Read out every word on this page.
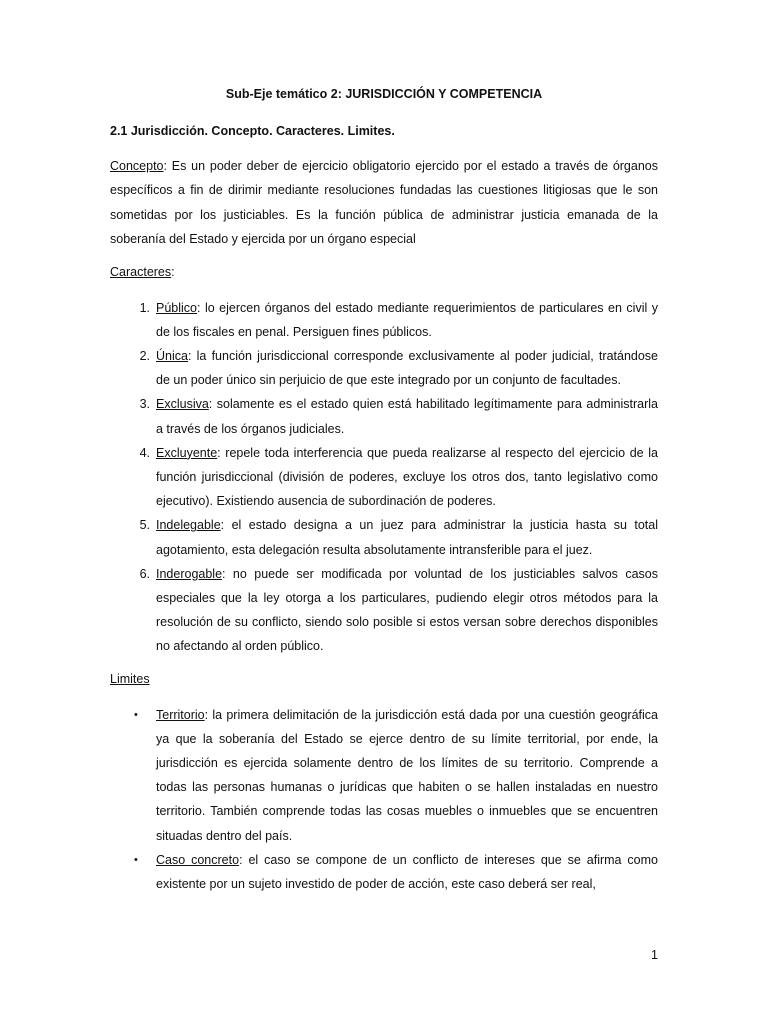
Sub-Eje temático 2: JURISDICCIÓN Y COMPETENCIA
2.1 Jurisdicción. Concepto. Caracteres. Limites.

Concepto: Es un poder deber de ejercicio obligatorio ejercido por el estado a través de órganos específicos a fin de dirimir mediante resoluciones fundadas las cuestiones litigiosas que le son sometidas por los justiciables. Es la función pública de administrar justicia emanada de la soberanía del Estado y ejercida por un órgano especial

Caracteres:
1. Público: lo ejercen órganos del estado mediante requerimientos de particulares en civil y de los fiscales en penal. Persiguen fines públicos.
2. Única: la función jurisdiccional corresponde exclusivamente al poder judicial, tratándose de un poder único sin perjuicio de que este integrado por un conjunto de facultades.
3. Exclusiva: solamente es el estado quien está habilitado legítimamente para administrarla a través de los órganos judiciales.
4. Excluyente: repele toda interferencia que pueda realizarse al respecto del ejercicio de la función jurisdiccional (división de poderes, excluye los otros dos, tanto legislativo como ejecutivo). Existiendo ausencia de subordinación de poderes.
5. Indelegable: el estado designa a un juez para administrar la justicia hasta su total agotamiento, esta delegación resulta absolutamente intransferible para el juez.
6. Inderogable: no puede ser modificada por voluntad de los justiciables salvos casos especiales que la ley otorga a los particulares, pudiendo elegir otros métodos para la resolución de su conflicto, siendo solo posible si estos versan sobre derechos disponibles no afectando al orden público.
Limites
• Territorio: la primera delimitación de la jurisdicción está dada por una cuestión geográfica ya que la soberanía del Estado se ejerce dentro de su límite territorial, por ende, la jurisdicción es ejercida solamente dentro de los límites de su territorio. Comprende a todas las personas humanas o jurídicas que habiten o se hallen instaladas en nuestro territorio. También comprende todas las cosas muebles o inmuebles que se encuentren situadas dentro del país.
• Caso concreto: el caso se compone de un conflicto de intereses que se afirma como existente por un sujeto investido de poder de acción, este caso deberá ser real,
1
